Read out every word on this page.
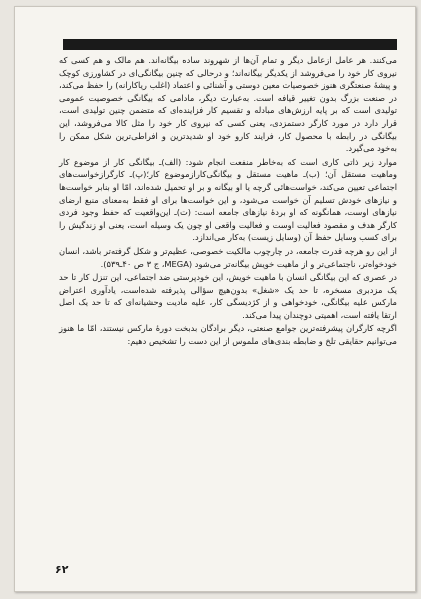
می‌کنند. هر عامل ازعامل دیگر و تمام آن‌ها از شهروند ساده بیگانه‌اند. هم مالک و هم کسی که نیروی کار خود را می‌فروشد از یکدیگر بیگانه‌اند؛ و درحالی که چنین بیگانگی‌ای در کشاورزی کوچک و پیشهٔ صنعتگری هنوز خصوصیات معین دوستی و آشنائی و اعتماد (اغلب ریاکارانه) را حفظ می‌کند، در صنعت بزرگ بدون تغییر قیافه است. به‌عبارت دیگر، مادامی که بیگانگی خصوصیت عمومی تولیدی است که بر پایه ارزش‌های مبادله و تقسیم کار فزاینده‌ای که متضمن چنین تولیدی است، قرار دارد در مورد کارگر دستمزدی، یعنی کسی که نیروی کار خود را مثل کالا می‌فروشد، این بیگانگی در رابطه با محصول کار، فرایند کارو خود او شدیدترین و افراطی‌ترین شکل ممکن را به‌خود می‌گیرد.

موارد زیر ذاتی کاری است که به‌خاطر منفعت انجام شود: (الف)ـ بیگانگی کار از موضوع کار وماهیت مستقل آن؛ (ب)ـ ماهیت مستقل و بیگانگی‌کاراز‌موضوع کار؛(پ)ـ کارگرازخواست‌های اجتماعی تعیین می‌کند، خواست‌هائی گرچه یا او بیگانه و بر او تحمیل شده‌اند، امّا او بنابر خواست‌ها و نیازهای خودش تسلیم آن خواست می‌شود، و این خواست‌ها برای او فقط به‌معنای منبع ارضای نیازهای اوست، همانگونه که او بردهٔ نیازهای جامعه است: (ت)ـ این‌واقعیت که حفظ وجود فردی کارگر هدف و مقصود فعالیت اوست و فعالیت واقعی او چون یک وسیله است، یعنی او زندگیش را برای کسب وسایل حفظ آن (وسایل زیست) به‌کار می‌اندازد.

از این رو هرچه قدرت جامعه، در چارچوب مالکیت خصوصی، عظیم‌تر و شکل گرفته‌تر باشد، انسان خودخواه‌تر، ناجتماعی‌تر و از ماهیت خویش بیگانه‌تر می‌شود (MEGA، ج ۳ ص ۴۰ـ۵۳۹).

در عصری که این بیگانگی انسان با ماهیت خویش، این خودپرستی ضد اجتماعی، این تنزل کار تا حد یک مزدبری مسخره، تا حد یک «شغل» بدون‌هیچ سؤالی پذیرفته شده‌است، یادآوری اعتراض مارکس علیه بیگانگی، خودخواهی و از کژدیسگی کار، علیه مادیت وحشیانه‌ای که تا حد یک اصل ارتقا یافته است، اهمیتی دوچندان پیدا می‌کند.

اگرچه کارگران پیشرفته‌ترین جوامع صنعتی، دیگر برادگان بدبخت دورهٔ مارکس نیستند، امّا ما هنوز می‌توانیم حقایقی تلخ و ضابطه بندی‌های ملموس از این دست را تشخیص دهیم:

۶۲
